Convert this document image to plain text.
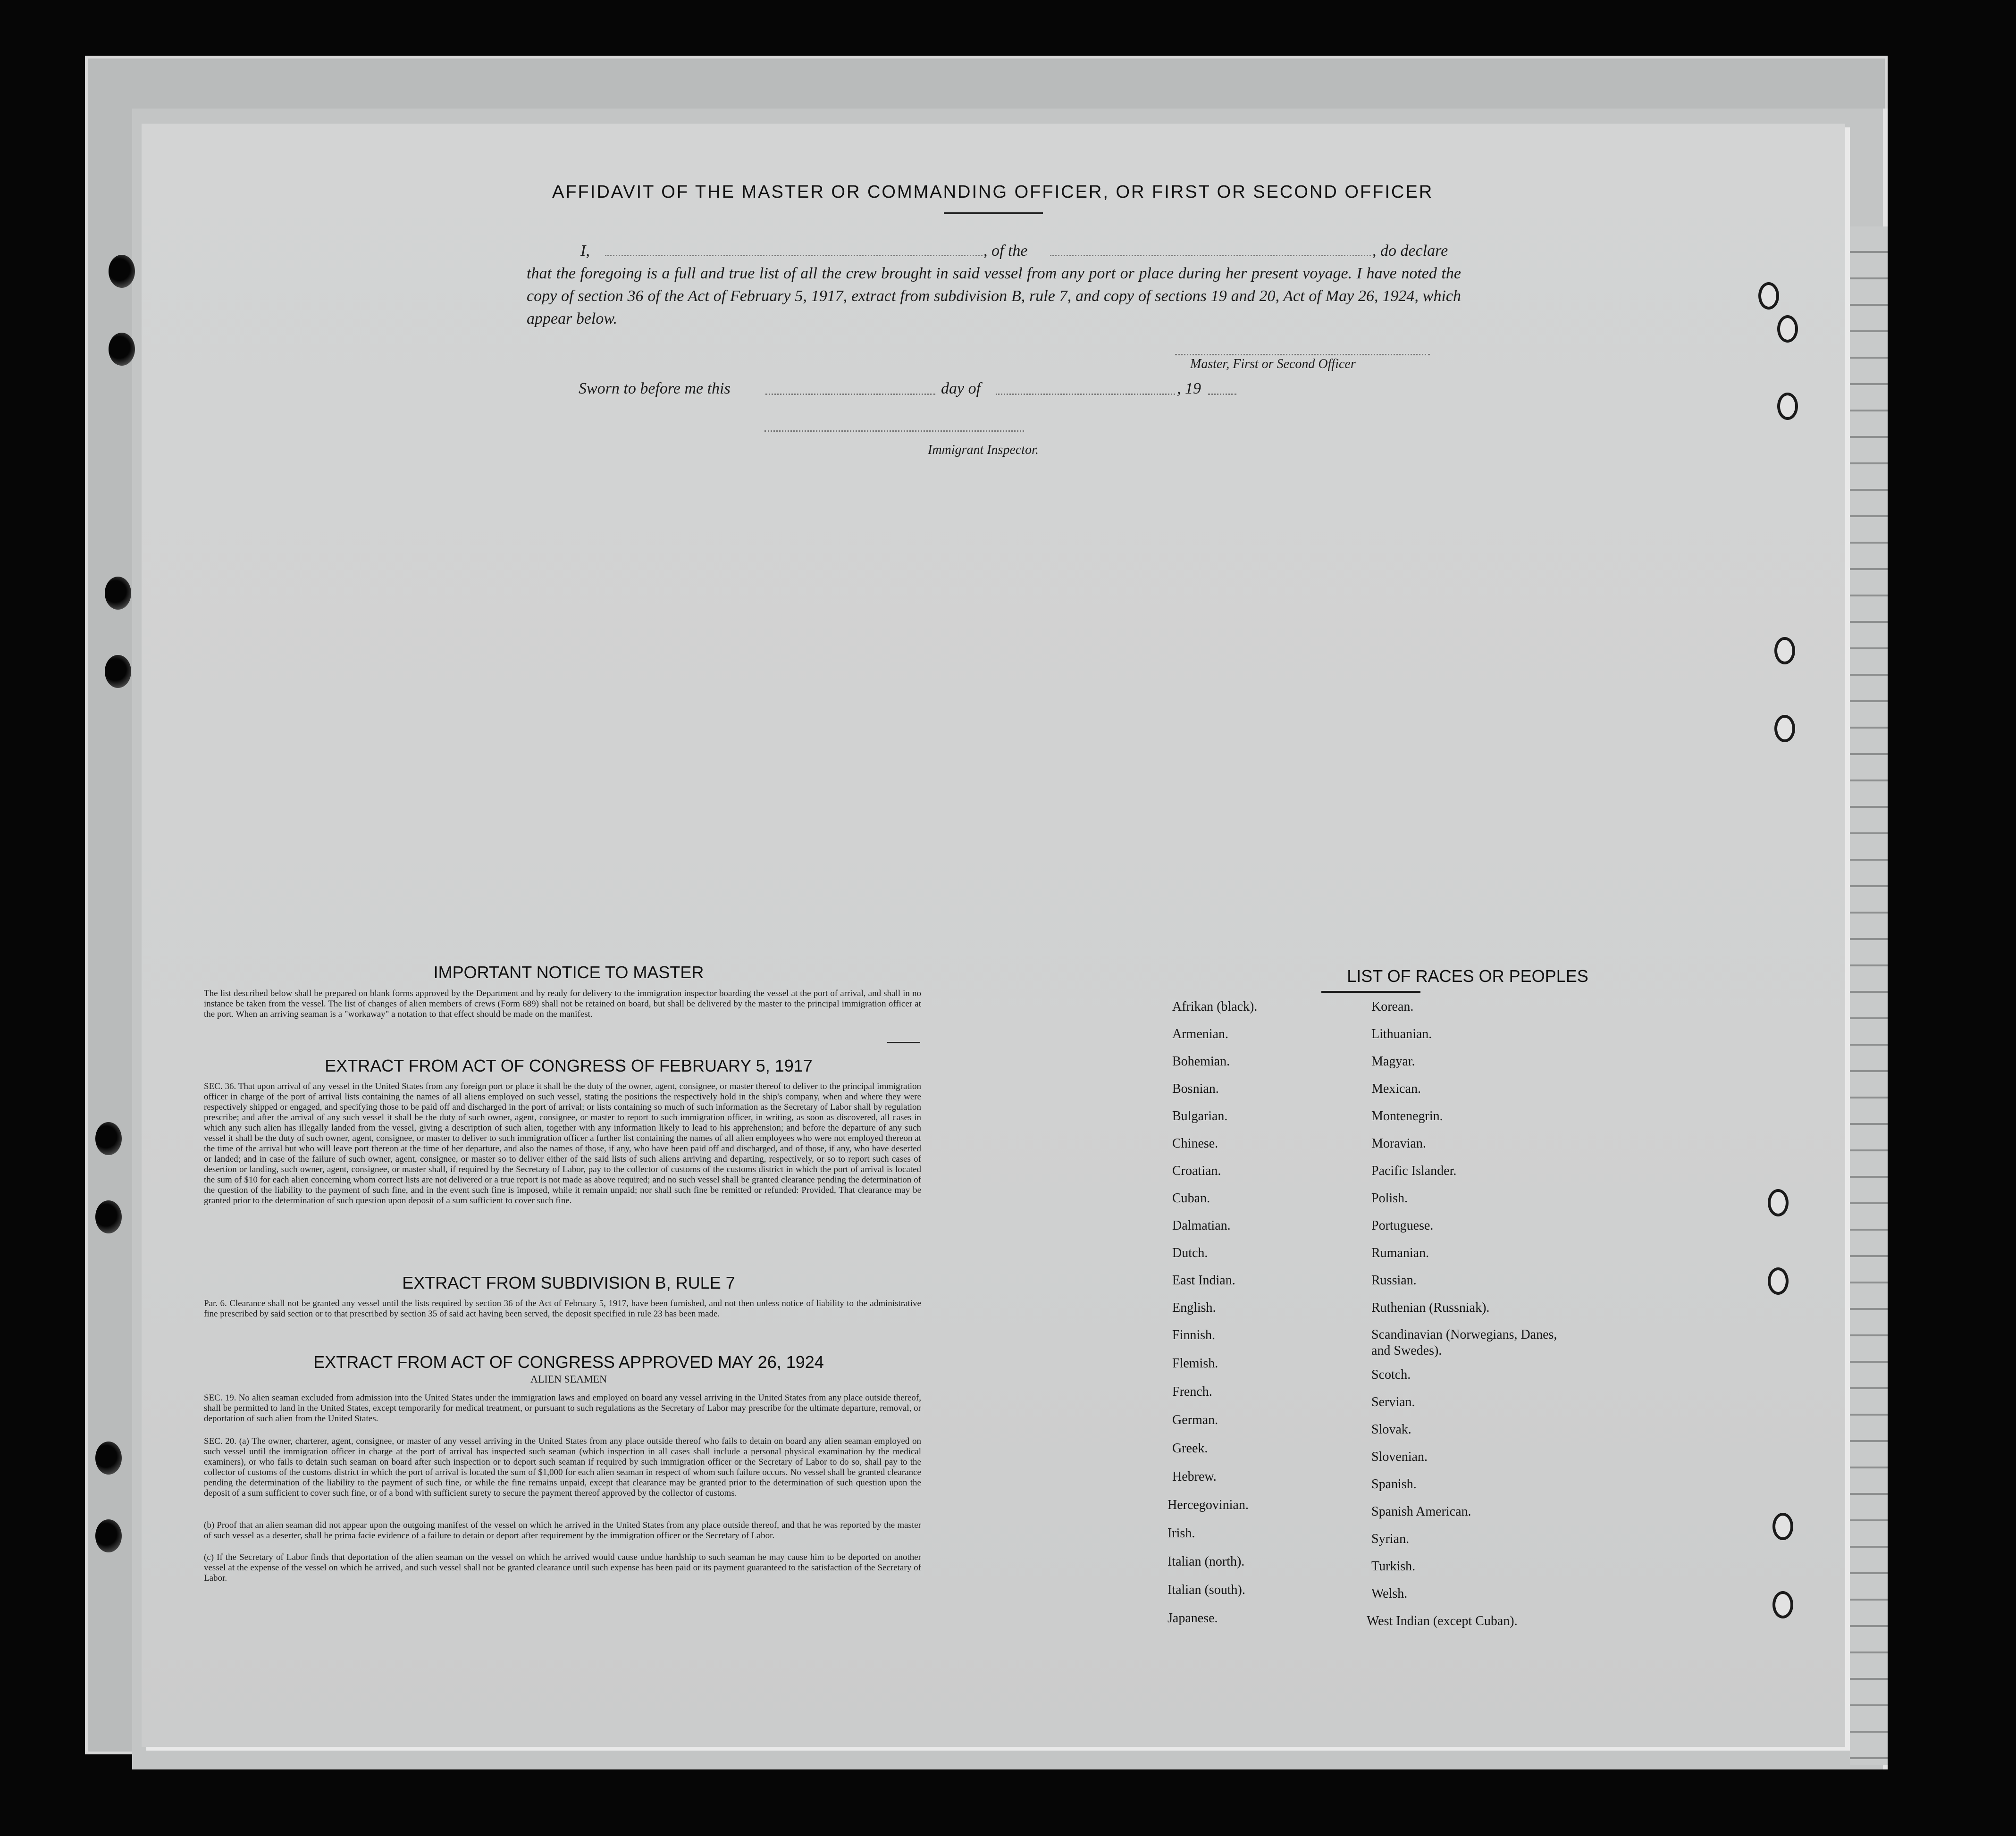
AFFIDAVIT OF THE MASTER OR COMMANDING OFFICER, OR FIRST OR SECOND OFFICER
I,	, of the	, do declare
that the foregoing is a full and true list of all the crew brought in said vessel from any port or place during her present voyage. I have noted the copy of section 36 of the Act of February 5, 1917, extract from subdivision B, rule 7, and copy of sections 19 and 20, Act of May 26, 1924, which appear below.
Master, First or Second Officer
Sworn to before me this	day of	, 19
Immigrant Inspector.
IMPORTANT NOTICE TO MASTER
The list described below shall be prepared on blank forms approved by the Department and by ready for delivery to the immigration inspector boarding the vessel at the port of arrival, and shall in no instance be taken from the vessel. The list of changes of alien members of crews (Form 689) shall not be retained on board, but shall be delivered by the master to the principal immigration officer at the port. When an arriving seaman is a "workaway" a notation to that effect should be made on the manifest.
EXTRACT FROM ACT OF CONGRESS OF FEBRUARY 5, 1917
SEC. 36. That upon arrival of any vessel in the United States from any foreign port or place it shall be the duty of the owner, agent, consignee, or master thereof to deliver to the principal immigration officer in charge of the port of arrival lists containing the names of all aliens employed on such vessel, stating the positions the respectively hold in the ship's company, when and where they were respectively shipped or engaged, and specifying those to be paid off and discharged in the port of arrival; or lists containing so much of such information as the Secretary of Labor shall by regulation prescribe; and after the arrival of any such vessel it shall be the duty of such owner, agent, consignee, or master to report to such immigration officer, in writing, as soon as discovered, all cases in which any such alien has illegally landed from the vessel, giving a description of such alien, together with any information likely to lead to his apprehension; and before the departure of any such vessel it shall be the duty of such owner, agent, consignee, or master to deliver to such immigration officer a further list containing the names of all alien employees who were not employed thereon at the time of the arrival but who will leave port thereon at the time of her departure, and also the names of those, if any, who have been paid off and discharged, and of those, if any, who have deserted or landed; and in case of the failure of such owner, agent, consignee, or master so to deliver either of the said lists of such aliens arriving and departing, respectively, or so to report such cases of desertion or landing, such owner, agent, consignee, or master shall, if required by the Secretary of Labor, pay to the collector of customs of the customs district in which the port of arrival is located the sum of $10 for each alien concerning whom correct lists are not delivered or a true report is not made as above required; and no such vessel shall be granted clearance pending the determination of the question of the liability to the payment of such fine, and in the event such fine is imposed, while it remain unpaid; nor shall such fine be remitted or refunded: Provided, That clearance may be granted prior to the determination of such question upon deposit of a sum sufficient to cover such fine.
EXTRACT FROM SUBDIVISION B, RULE 7
Par. 6. Clearance shall not be granted any vessel until the lists required by section 36 of the Act of February 5, 1917, have been furnished, and not then unless notice of liability to the administrative fine prescribed by said section or to that prescribed by section 35 of said act having been served, the deposit specified in rule 23 has been made.
EXTRACT FROM ACT OF CONGRESS APPROVED MAY 26, 1924
ALIEN SEAMEN
SEC. 19. No alien seaman excluded from admission into the United States under the immigration laws and employed on board any vessel arriving in the United States from any place outside thereof, shall be permitted to land in the United States, except temporarily for medical treatment, or pursuant to such regulations as the Secretary of Labor may prescribe for the ultimate departure, removal, or deportation of such alien from the United States.
SEC. 20. (a) The owner, charterer, agent, consignee, or master of any vessel arriving in the United States from any place outside thereof who fails to detain on board any alien seaman employed on such vessel until the immigration officer in charge at the port of arrival has inspected such seaman (which inspection in all cases shall include a personal physical examination by the medical examiners), or who fails to detain such seaman on board after such inspection or to deport such seaman if required by such immigration officer or the Secretary of Labor to do so, shall pay to the collector of customs of the customs district in which the port of arrival is located the sum of $1,000 for each alien seaman in respect of whom such failure occurs. No vessel shall be granted clearance pending the determination of the liability to the payment of such fine, or while the fine remains unpaid, except that clearance may be granted prior to the determination of such question upon the deposit of a sum sufficient to cover such fine, or of a bond with sufficient surety to secure the payment thereof approved by the collector of customs.
(b) Proof that an alien seaman did not appear upon the outgoing manifest of the vessel on which he arrived in the United States from any place outside thereof, and that he was reported by the master of such vessel as a deserter, shall be prima facie evidence of a failure to detain or deport after requirement by the immigration officer or the Secretary of Labor.
(c) If the Secretary of Labor finds that deportation of the alien seaman on the vessel on which he arrived would cause undue hardship to such seaman he may cause him to be deported on another vessel at the expense of the vessel on which he arrived, and such vessel shall not be granted clearance until such expense has been paid or its payment guaranteed to the satisfaction of the Secretary of Labor.
LIST OF RACES OR PEOPLES
Afrikan (black).
Armenian.
Bohemian.
Bosnian.
Bulgarian.
Chinese.
Croatian.
Cuban.
Dalmatian.
Dutch.
East Indian.
English.
Finnish.
Flemish.
French.
German.
Greek.
Hebrew.
Hercegovinian.
Irish.
Italian (north).
Italian (south).
Japanese.
Korean.
Lithuanian.
Magyar.
Mexican.
Montenegrin.
Moravian.
Pacific Islander.
Polish.
Portuguese.
Rumanian.
Russian.
Ruthenian (Russniak).
Scandinavian (Norwegians, Danes, and Swedes).
Scotch.
Servian.
Slovak.
Slovenian.
Spanish.
Spanish American.
Syrian.
Turkish.
Welsh.
West Indian (except Cuban).
